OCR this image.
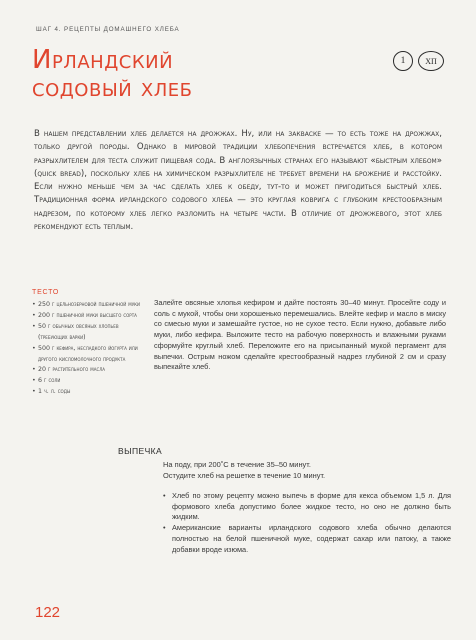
ШАГ 4. РЕЦЕПТЫ ДОМАШНЕГО ХЛЕБА
Ирландский
содовый хлеб
1	ХП

В нашем представлении хлеб делается на дрожжах. Ну, или на закваске — то есть тоже на дрожжах, только другой породы. Однако в мировой традиции хлебопечения встречается хлеб, в котором разрыхлителем для теста служит пищевая сода. В англоязычных странах его называют «быстрым хлебом» (quick bread), поскольку хлеб на химическом разрыхлителе не требует времени на брожение и расстойку. Если нужно меньше чем за час сделать хлеб к обеду, тут-то и может пригодиться быстрый хлеб. Традиционная форма ирландского содового хлеба — это круглая коврига с глубоким крестообразным надрезом, по которому хлеб легко разломить на четыре части. В отличие от дрожжевого, этот хлеб рекомендуют есть теплым.

ТЕСТО
• 250 г цельнозерновой пшеничной муки
• 200 г пшеничной муки высшего сорта
• 50 г обычных овсяных хлопьев (требующих варки)
• 500 г кефира, несладкого йогурта или другого кисломолочного продукта
• 20 г растительного масла
• 6 г соли
• 1 ч. л. соды

Залейте овсяные хлопья кефиром и дайте постоять 30–40 минут. Просейте соду и соль с мукой, чтобы они хорошенько перемешались. Влейте кефир и масло в миску со смесью муки и замешайте густое, но не сухое тесто. Если нужно, добавьте либо муки, либо кефира. Выложите тесто на рабочую поверхность и влажными руками сформуйте круглый хлеб. Переложите его на присыпанный мукой пергамент для выпечки. Острым ножом сделайте крестообразный надрез глубиной 2 см и сразу выпекайте хлеб.

ВЫПЕЧКА
На поду, при 200˚С в течение 35–50 минут.
Остудите хлеб на решетке в течение 10 минут.
• Хлеб по этому рецепту можно выпечь в форме для кекса объемом 1,5 л. Для формового хлеба допустимо более жидкое тесто, но оно не должно быть жидким.
• Американские варианты ирландского содового хлеба обычно делаются полностью на белой пшеничной муке, содержат сахар или патоку, а также добавки вроде изюма.
122
